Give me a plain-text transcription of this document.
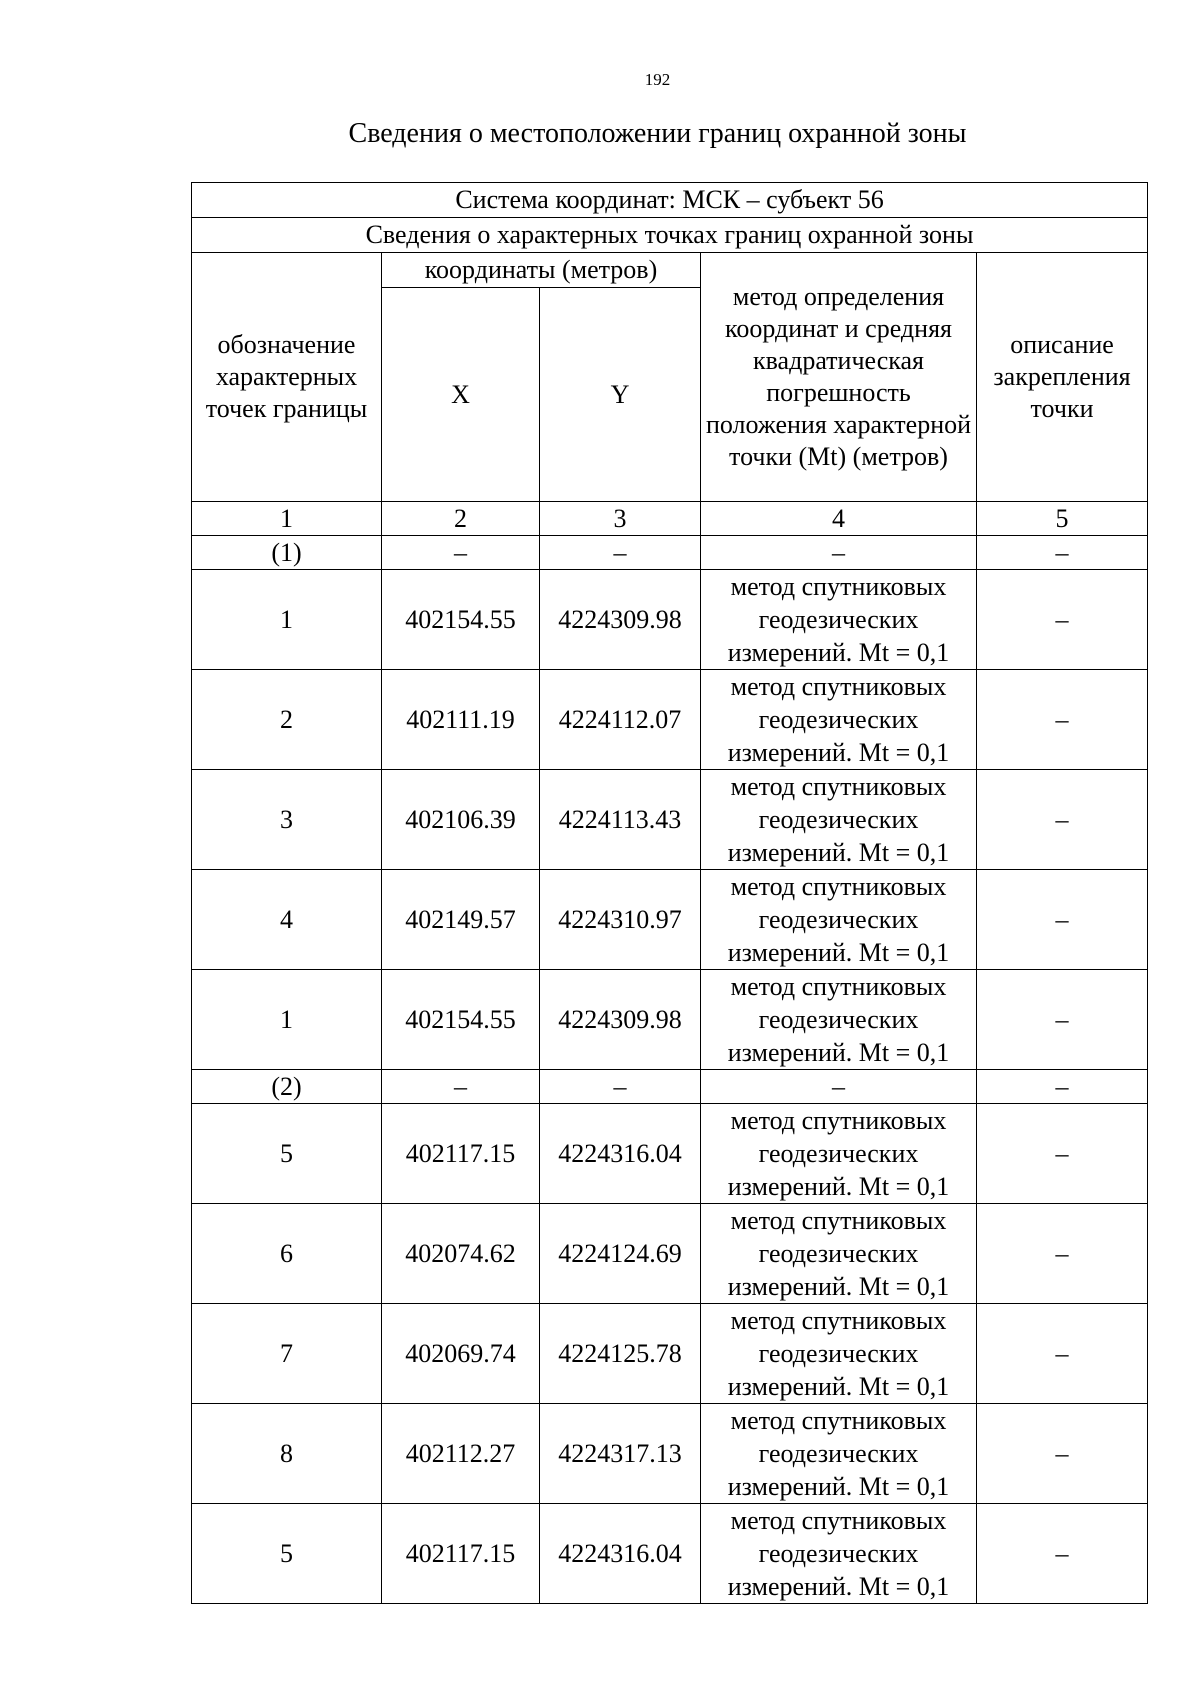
192
Сведения о местоположении границ охранной зоны
Система координат: МСК – субъект 56				
Сведения о характерных точках границ охранной зоны				
обозначение характерных точек границы	координаты (метров)		метод определения координат и средняя квадратическая погрешность положения характерной точки (Mt) (метров)	описание закрепления точки
	X	Y		
1	2	3	4	5
(1)	–	–	–	–
1	402154.55	4224309.98	метод спутниковых геодезических измерений. Mt = 0,1	–
2	402111.19	4224112.07	метод спутниковых геодезических измерений. Mt = 0,1	–
3	402106.39	4224113.43	метод спутниковых геодезических измерений. Mt = 0,1	–
4	402149.57	4224310.97	метод спутниковых геодезических измерений. Mt = 0,1	–
1	402154.55	4224309.98	метод спутниковых геодезических измерений. Mt = 0,1	–
(2)	–	–	–	–
5	402117.15	4224316.04	метод спутниковых геодезических измерений. Mt = 0,1	–
6	402074.62	4224124.69	метод спутниковых геодезических измерений. Mt = 0,1	–
7	402069.74	4224125.78	метод спутниковых геодезических измерений. Mt = 0,1	–
8	402112.27	4224317.13	метод спутниковых геодезических измерений. Mt = 0,1	–
5	402117.15	4224316.04	метод спутниковых геодезических измерений. Mt = 0,1	–
